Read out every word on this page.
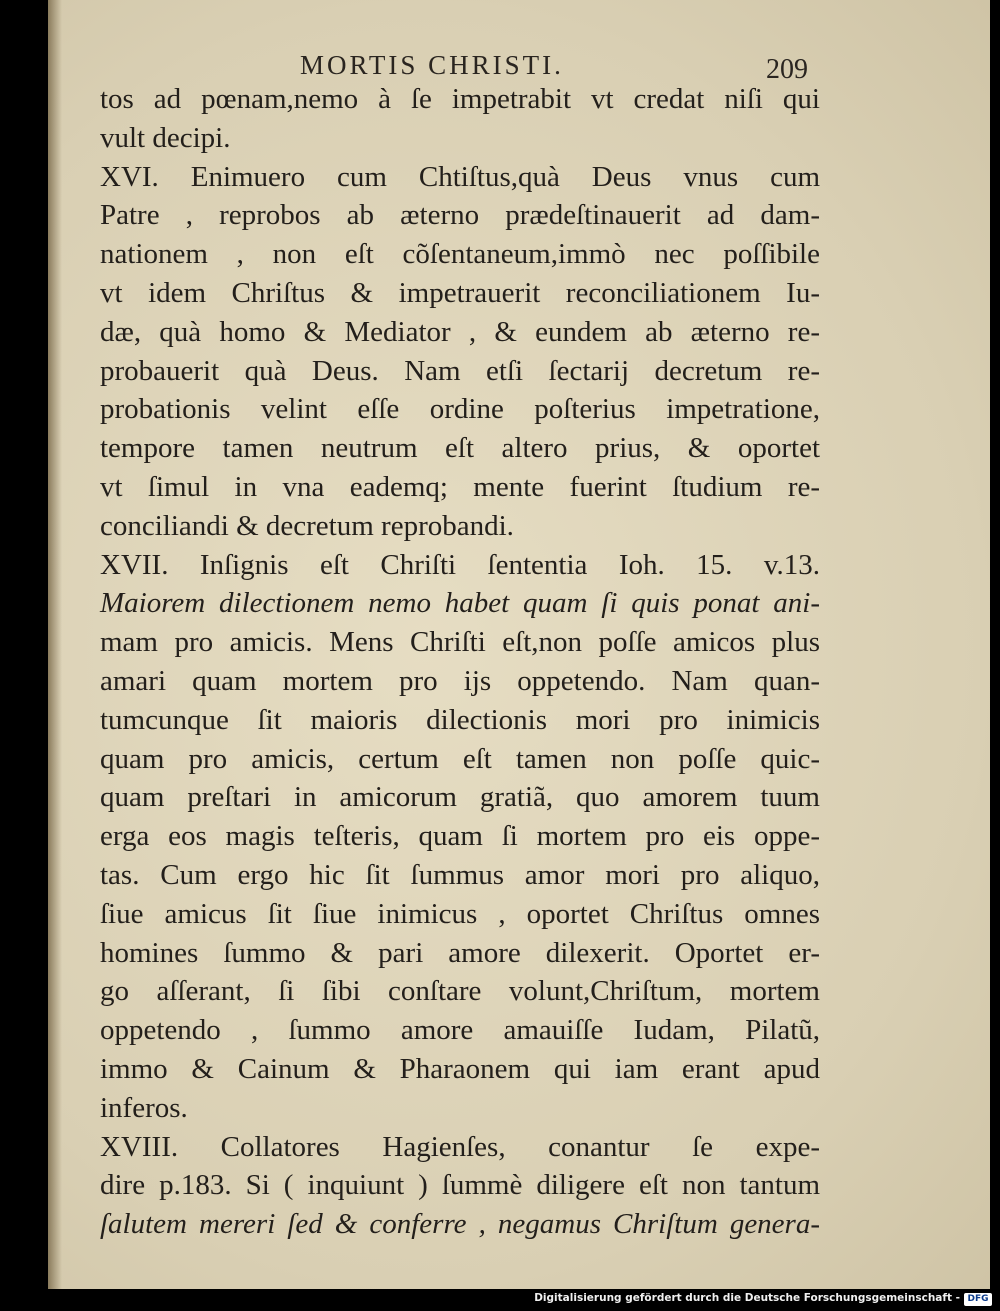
MORTIS CHRISTI.	209
tos ad pœnam,nemo à ſe impetrabit vt credat niſi qui
vult decipi.
XVI. Enimuero cum Chtiſtus,quà Deus vnus cum
Patre , reprobos ab æterno prædeſtinauerit ad dam-
nationem , non eſt cõſentaneum,immò nec poſſibile
vt idem Chriſtus & impetrauerit reconciliationem Iu-
dæ, quà homo & Mediator , & eundem ab æterno re-
probauerit quà Deus. Nam etſi ſectarij decretum re-
probationis velint eſſe ordine poſterius impetratione,
tempore tamen neutrum eſt altero prius, & oportet
vt ſimul in vna eademq; mente fuerint ſtudium re-
conciliandi & decretum reprobandi.
XVII. Inſignis eſt Chriſti ſententia Ioh. 15. v.13.
Maiorem dilectionem nemo habet quam ſi quis ponat ani-
mam pro amicis. Mens Chriſti eſt,non poſſe amicos plus
amari quam mortem pro ijs oppetendo. Nam quan-
tumcunque ſit maioris dilectionis mori pro inimicis
quam pro amicis, certum eſt tamen non poſſe quic-
quam preſtari in amicorum gratiã, quo amorem tuum
erga eos magis teſteris, quam ſi mortem pro eis oppe-
tas. Cum ergo hic ſit ſummus amor mori pro aliquo,
ſiue amicus ſit ſiue inimicus , oportet Chriſtus omnes
homines ſummo & pari amore dilexerit. Oportet er-
go aſſerant, ſi ſibi conſtare volunt,Chriſtum, mortem
oppetendo , ſummo amore amauiſſe Iudam, Pilatũ,
immo & Cainum & Pharaonem qui iam erant apud
inferos.
XVIII. Collatores Hagienſes, conantur ſe expe-
dire p.183. Si ( inquiunt ) ſummè diligere eſt non tantum
ſalutem mereri ſed & conferre , negamus Chriſtum genera-
Digitalisierung gefördert durch die Deutsche Forschungsgemeinschaft - DFG
